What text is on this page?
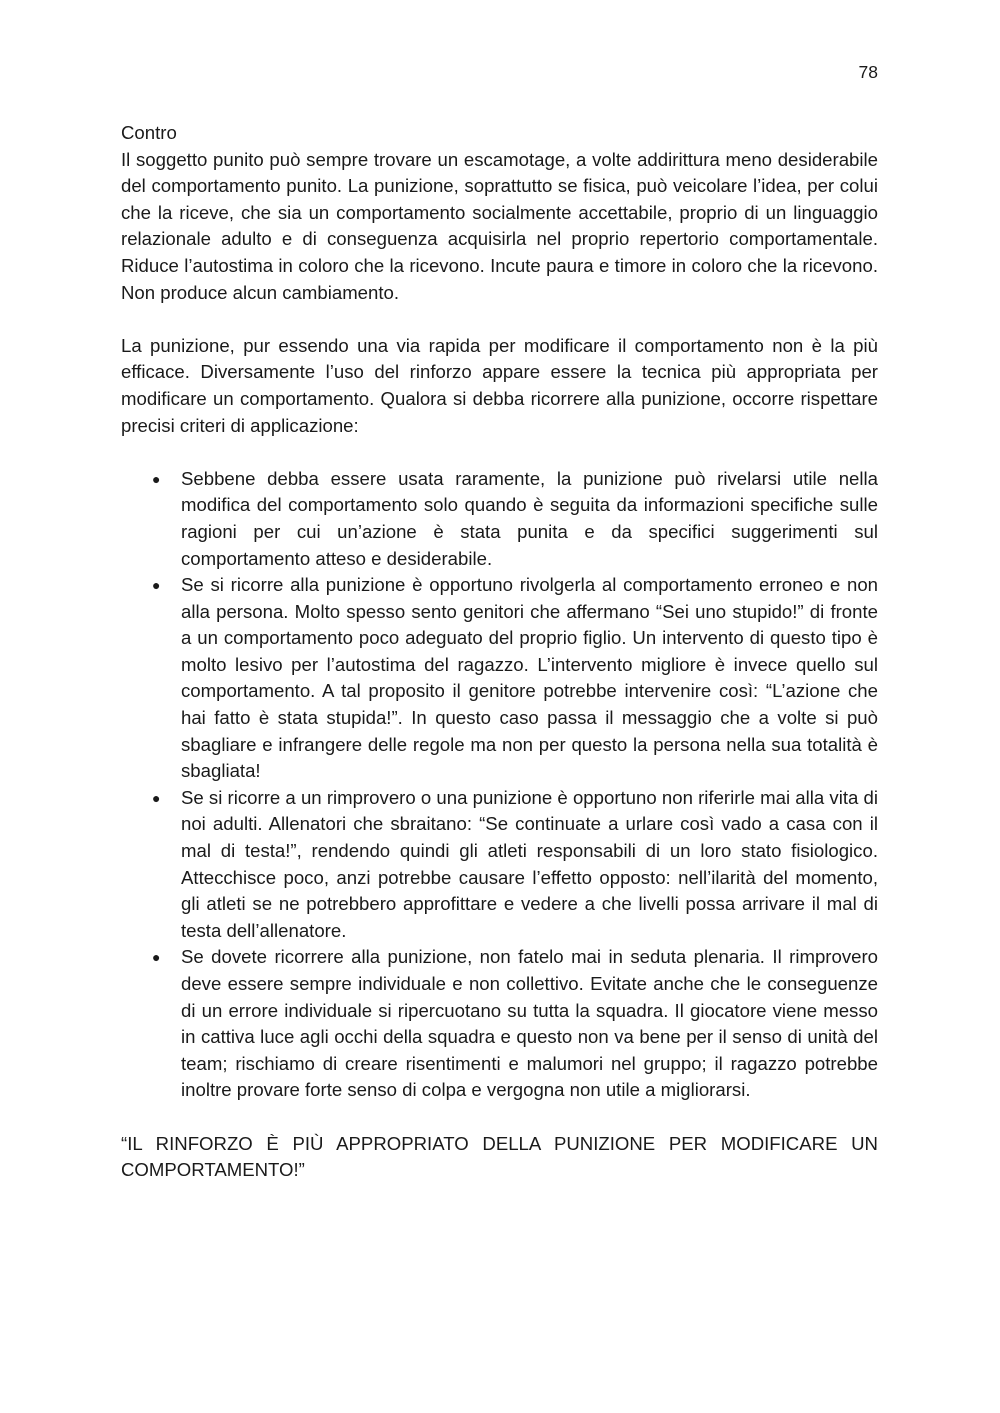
78

Contro

Il soggetto punito può sempre trovare un escamotage, a volte addirittura meno desiderabile del comportamento punito. La punizione, soprattutto se fisica, può veicolare l’idea, per colui che la riceve, che sia un comportamento socialmente accettabile, proprio di un linguaggio relazionale adulto e di conseguenza acquisirla nel proprio repertorio comportamentale. Riduce l’autostima in coloro che la ricevono. Incute paura e timore in coloro che la ricevono. Non produce alcun cambiamento.

La punizione, pur essendo una via rapida per modificare il comportamento non è la più efficace. Diversamente l’uso del rinforzo appare essere la tecnica più appropriata per modificare un comportamento. Qualora si debba ricorrere alla punizione, occorre rispettare precisi criteri di applicazione:

● Sebbene debba essere usata raramente, la punizione può rivelarsi utile nella modifica del comportamento solo quando è seguita da informazioni specifiche sulle ragioni per cui un’azione è stata punita e da specifici suggerimenti sul comportamento atteso e desiderabile.
● Se si ricorre alla punizione è opportuno rivolgerla al comportamento erroneo e non alla persona. Molto spesso sento genitori che affermano “Sei uno stupido!” di fronte a un comportamento poco adeguato del proprio figlio. Un intervento di questo tipo è molto lesivo per l’autostima del ragazzo. L’intervento migliore è invece quello sul comportamento. A tal proposito il genitore potrebbe intervenire così: “L’azione che hai fatto è stata stupida!”. In questo caso passa il messaggio che a volte si può sbagliare e infrangere delle regole ma non per questo la persona nella sua totalità è sbagliata!
● Se si ricorre a un rimprovero o una punizione è opportuno non riferirle mai alla vita di noi adulti. Allenatori che sbraitano: “Se continuate a urlare così vado a casa con il mal di testa!”, rendendo quindi gli atleti responsabili di un loro stato fisiologico. Attecchisce poco, anzi potrebbe causare l’effetto opposto: nell’ilarità del momento, gli atleti se ne potrebbero approfittare e vedere a che livelli possa arrivare il mal di testa dell’allenatore.
● Se dovete ricorrere alla punizione, non fatelo mai in seduta plenaria. Il rimprovero deve essere sempre individuale e non collettivo. Evitate anche che le conseguenze di un errore individuale si ripercuotano su tutta la squadra. Il giocatore viene messo in cattiva luce agli occhi della squadra e questo non va bene per il senso di unità del team; rischiamo di creare risentimenti e malumori nel gruppo; il ragazzo potrebbe inoltre provare forte senso di colpa e vergogna non utile a migliorarsi.

“IL RINFORZO È PIÙ APPROPRIATO DELLA PUNIZIONE PER MODIFICARE UN COMPORTAMENTO!”
